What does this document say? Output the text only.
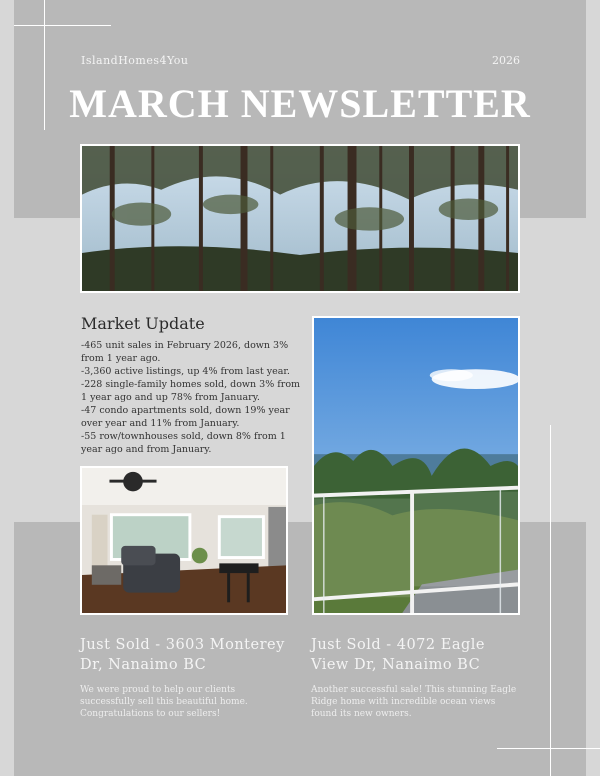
IslandHomes4You	2026
MARCH NEWSLETTER
Market Update
-465 unit sales in February 2026, down 3% from 1 year ago.
-3,360 active listings, up 4% from last year.
-228 single-family homes sold, down 3% from 1 year ago and up 78% from January.
-47 condo apartments sold, down 19% year over year and 11% from January.
-55 row/townhouses sold, down 8% from 1 year ago and from January.
Just Sold - 3603 Monterey Dr, Nanaimo BC
We were proud to help our clients successfully sell this beautiful home. Congratulations to our sellers!
Just Sold - 4072 Eagle View Dr, Nanaimo BC
Another successful sale! This stunning Eagle Ridge home with incredible ocean views found its new owners.
